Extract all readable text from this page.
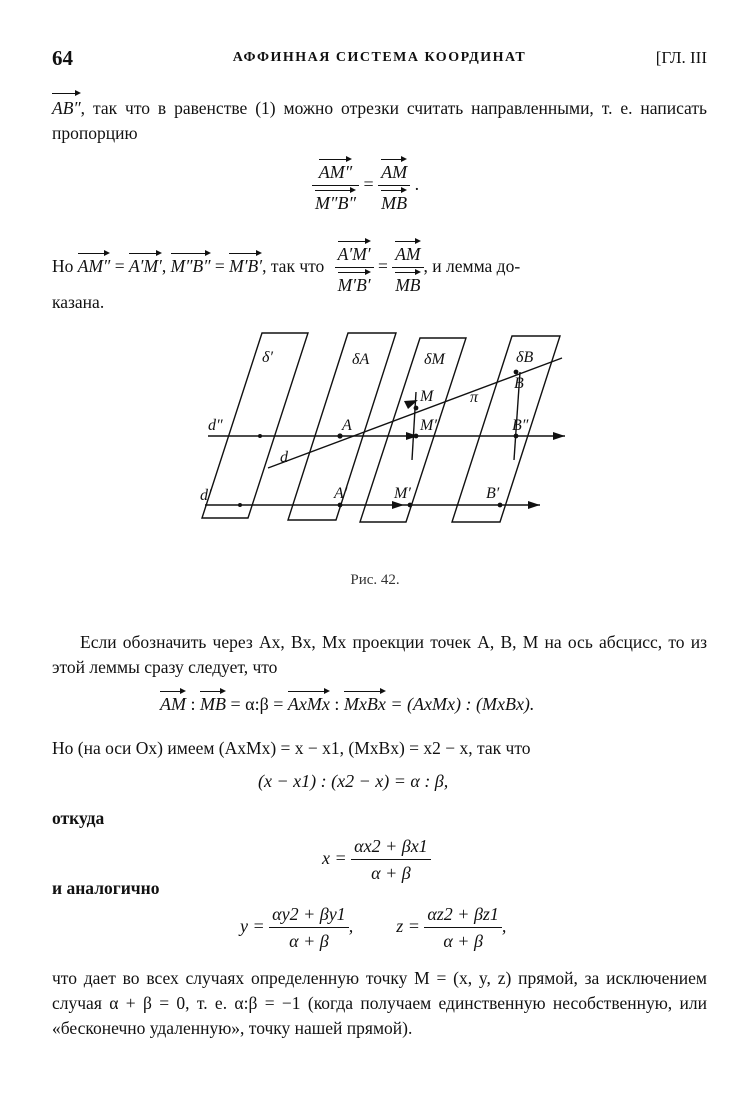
64	АФФИННАЯ СИСТЕМА КООРДИНАТ	[ГЛ. III
AB″, так что в равенстве (1) можно отрезки считать направленными, т. е. написать пропорцию
$\frac{AM''}{M''B''} = \frac{AM}{MB}$ .
Но AM″ = A′M′, M″B″ = M′B′, так что $\frac{A'M'}{M'B'} = \frac{AM}{MB}$ , и лемма до-
казана.
δ′	δA	δM	δB
d″
d′
d
A
M
B
π
M″	B″
A′	M′	B′
Рис. 42.
Если обозначить через Ax, Bx, Mx проекции точек A, B, M на ось абсцисс, то из этой леммы сразу следует, что
AM : MB = α:β = AxMx : MxBx = (AxMx) : (MxBx).
Но (на оси Ox) имеем (AxMx) = x − x1, (MxBx) = x2 − x, так что
(x − x1) : (x2 − x) = α : β,
откуда
$x = \frac{\alpha x2 + \beta x1}{\alpha + \beta}$
и аналогично
$y = \frac{\alpha y2 + \beta y1}{\alpha + \beta}$ ,  $z = \frac{\alpha z2 + \beta z1}{\alpha + \beta}$ ,
что дает во всех случаях определенную точку M = (x, y, z) прямой, за исключением случая α + β = 0, т. е. α:β = −1 (когда получаем единственную несобственную, или «бесконечно удаленную», точку нашей прямой).
